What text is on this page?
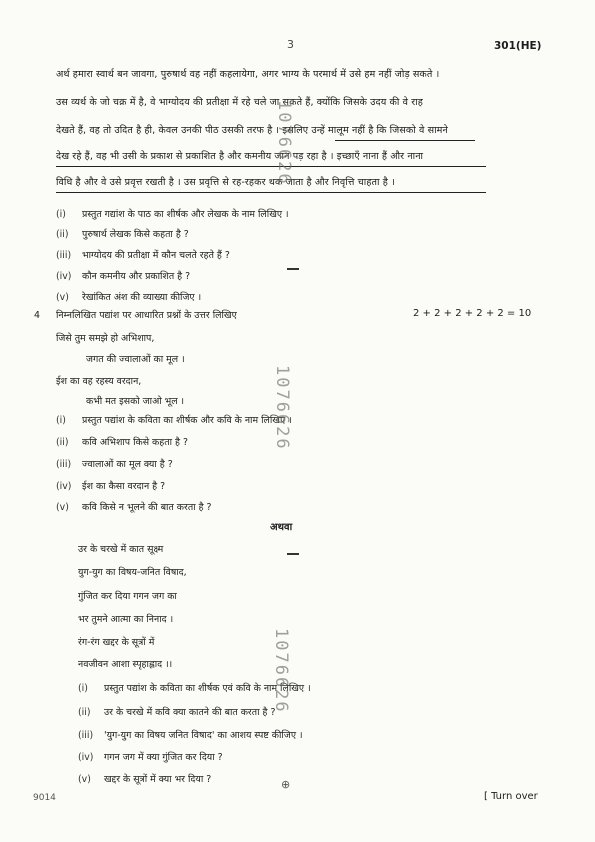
3	301(HE)
अर्थ हमारा स्वार्थ बन जावगा, पुरुषार्थ वह नहीं कहलायेगा, अगर भाग्य के परमार्थ में उसे हम नहीं जोड़ सकते ।
उस व्यर्थ के जो चक्र में है, वे भाग्योदय की प्रतीक्षा में रहे चले जा सकते हैं, क्योंकि जिसके उदय की वे राह
देखते हैं, वह तो उदित है ही, केवल उनकी पीठ उसकी तरफ है । इसलिए उन्हें मालूम नहीं है कि जिसको वे सामने
देख रहे हैं, वह भी उसी के प्रकाश से प्रकाशित है और कमनीय जान पड़ रहा है । इच्छाएँ नाना हैं और नाना
विधि है और वे उसे प्रवृत्त रखती है । उस प्रवृत्ति से रह-रहकर थक जाता है और निवृत्ति चाहता है ।
(i) प्रस्तुत गद्यांश के पाठ का शीर्षक और लेखक के नाम लिखिए ।
(ii) पुरुषार्थ लेखक किसे कहता है ?
(iii) भाग्योदय की प्रतीक्षा में कौन चलते रहते हैं ?
(iv) कौन कमनीय और प्रकाशित है ?
(v) रेखांकित अंश की व्याख्या कीजिए ।
4 निम्नलिखित पद्यांश पर आधारित प्रश्नों के उत्तर लिखिए	2 + 2 + 2 + 2 + 2 = 10
जिसे तुम समझे हो अभिशाप,
जगत की ज्वालाओं का मूल ।
ईश का वह रहस्य वरदान,
कभी मत इसको जाओ भूल ।
(i) प्रस्तुत पद्यांश के कविता का शीर्षक और कवि के नाम लिखिए ।
(ii) कवि अभिशाप किसे कहता है ?
(iii) ज्वालाओं का मूल क्या है ?
(iv) ईश का कैसा वरदान है ?
(v) कवि किसे न भूलने की बात करता है ?
अथवा
उर के चरखे में कात सूक्ष्म
युग-युग का विषय-जनित विषाद,
गुंजित कर दिया गगन जग का
भर तुमने आत्मा का निनाद ।
रंग-रंग खद्दर के सूत्रों में
नवजीवन आशा स्पृहाह्लाद ।।
(i) प्रस्तुत पद्यांश के कविता का शीर्षक एवं कवि के नाम लिखिए ।
(ii) उर के चरखे में कवि क्या कातने की बात करता है ?
(iii) 'युग-युग का विषय जनित विषाद' का आशय स्पष्ट कीजिए ।
(iv) गगन जग में क्या गुंजित कर दिया ?
(v) खद्दर के सूत्रों में क्या भर दिया ?
1076626
1076626
1076626
⊕
9014	[ Turn over
